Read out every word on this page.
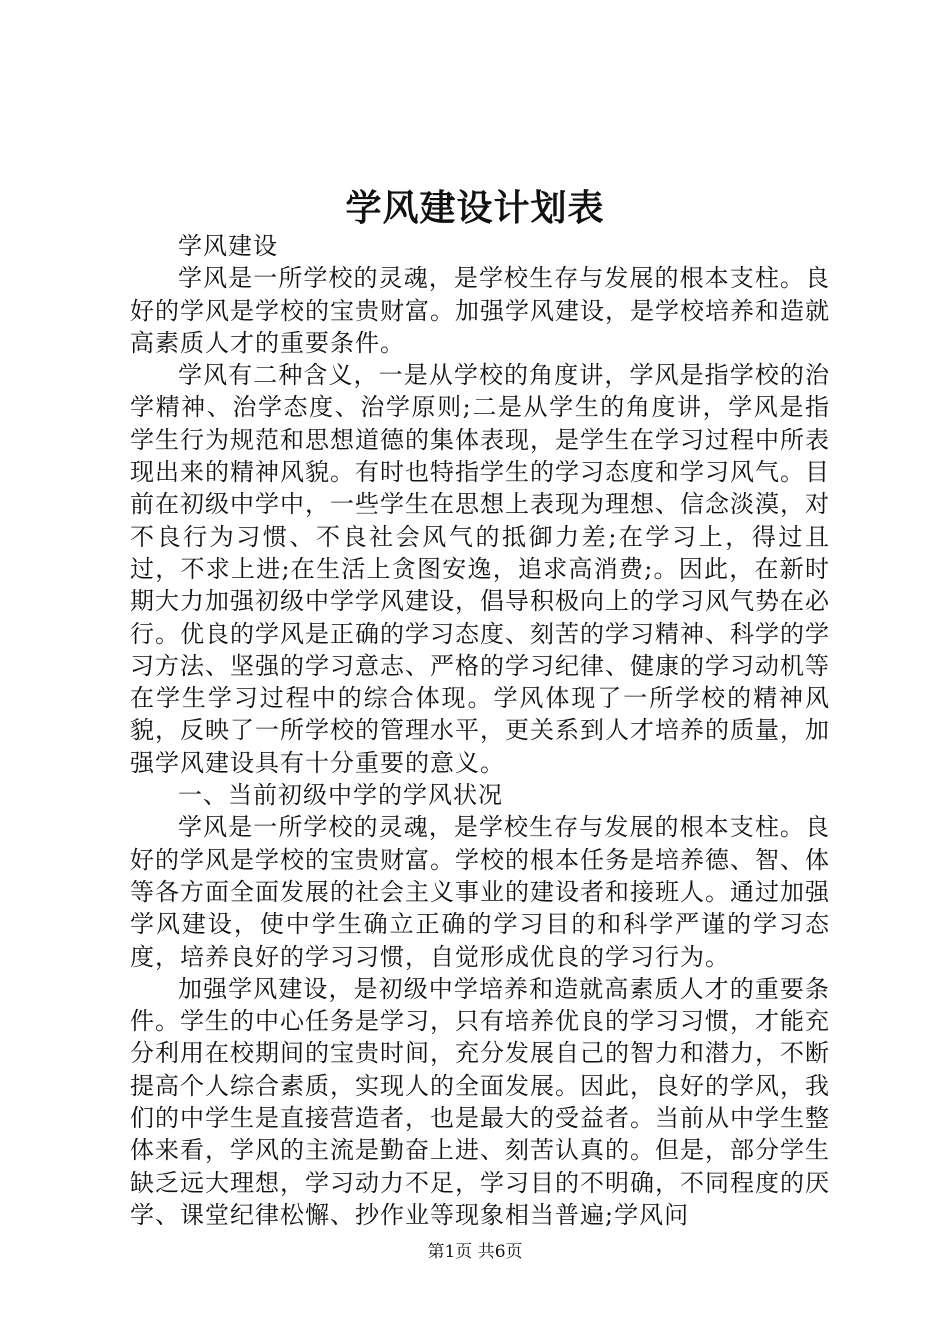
学风建设计划表

学风建设

学风是一所学校的灵魂，是学校生存与发展的根本支柱。良好的学风是学校的宝贵财富。加强学风建设，是学校培养和造就高素质人才的重要条件。

学风有二种含义，一是从学校的角度讲，学风是指学校的治学精神、治学态度、治学原则;二是从学生的角度讲，学风是指学生行为规范和思想道德的集体表现，是学生在学习过程中所表现出来的精神风貌。有时也特指学生的学习态度和学习风气。目前在初级中学中，一些学生在思想上表现为理想、信念淡漠，对不良行为习惯、不良社会风气的抵御力差;在学习上，得过且过，不求上进;在生活上贪图安逸，追求高消费;。因此，在新时期大力加强初级中学学风建设，倡导积极向上的学习风气势在必行。优良的学风是正确的学习态度、刻苦的学习精神、科学的学习方法、坚强的学习意志、严格的学习纪律、健康的学习动机等在学生学习过程中的综合体现。学风体现了一所学校的精神风貌，反映了一所学校的管理水平，更关系到人才培养的质量，加强学风建设具有十分重要的意义。

一、当前初级中学的学风状况

学风是一所学校的灵魂，是学校生存与发展的根本支柱。良好的学风是学校的宝贵财富。学校的根本任务是培养德、智、体等各方面全面发展的社会主义事业的建设者和接班人。通过加强学风建设，使中学生确立正确的学习目的和科学严谨的学习态度，培养良好的学习习惯，自觉形成优良的学习行为。

加强学风建设，是初级中学培养和造就高素质人才的重要条件。学生的中心任务是学习，只有培养优良的学习习惯，才能充分利用在校期间的宝贵时间，充分发展自己的智力和潜力，不断提高个人综合素质，实现人的全面发展。因此，良好的学风，我们的中学生是直接营造者，也是最大的受益者。当前从中学生整体来看，学风的主流是勤奋上进、刻苦认真的。但是，部分学生缺乏远大理想，学习动力不足，学习目的不明确，不同程度的厌学、课堂纪律松懈、抄作业等现象相当普遍;学风问

第1页 共6页
